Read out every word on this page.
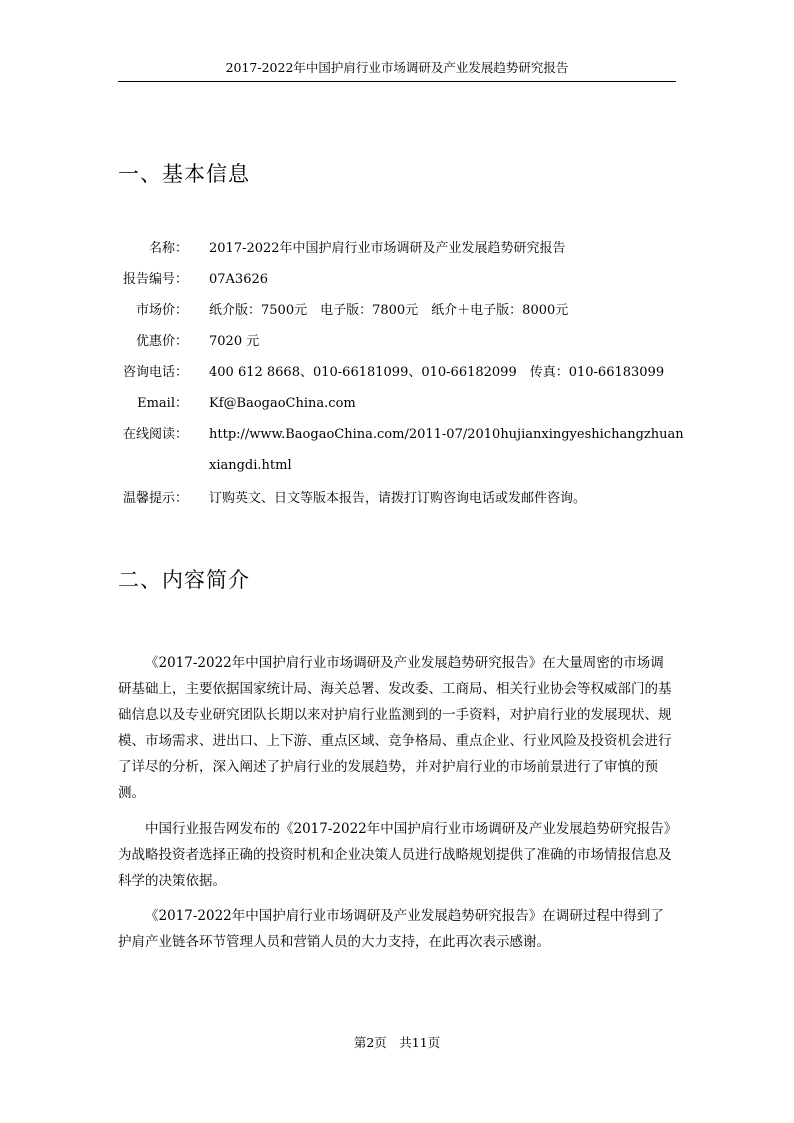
2017-2022年中国护肩行业市场调研及产业发展趋势研究报告
一、基本信息
名称： 2017-2022年中国护肩行业市场调研及产业发展趋势研究报告
报告编号： 07A3626
市场价： 纸介版：7500元　电子版：7800元　纸介＋电子版：8000元
优惠价： 7020 元
咨询电话： 400 612 8668、010-66181099、010-66182099　传真：010-66183099
Email： Kf@BaogaoChina.com
在线阅读： http://www.BaogaoChina.com/2011-07/2010hujianxingyeshichangzhuanxiangdi.html
温馨提示： 订购英文、日文等版本报告，请拨打订购咨询电话或发邮件咨询。
二、内容简介

《2017-2022年中国护肩行业市场调研及产业发展趋势研究报告》在大量周密的市场调研基础上，主要依据国家统计局、海关总署、发改委、工商局、相关行业协会等权威部门的基础信息以及专业研究团队长期以来对护肩行业监测到的一手资料，对护肩行业的发展现状、规模、市场需求、进出口、上下游、重点区域、竞争格局、重点企业、行业风险及投资机会进行了详尽的分析，深入阐述了护肩行业的发展趋势，并对护肩行业的市场前景进行了审慎的预测。

中国行业报告网发布的《2017-2022年中国护肩行业市场调研及产业发展趋势研究报告》为战略投资者选择正确的投资时机和企业决策人员进行战略规划提供了准确的市场情报信息及科学的决策依据。

《2017-2022年中国护肩行业市场调研及产业发展趋势研究报告》在调研过程中得到了护肩产业链各环节管理人员和营销人员的大力支持，在此再次表示感谢。

第2页　共11页
